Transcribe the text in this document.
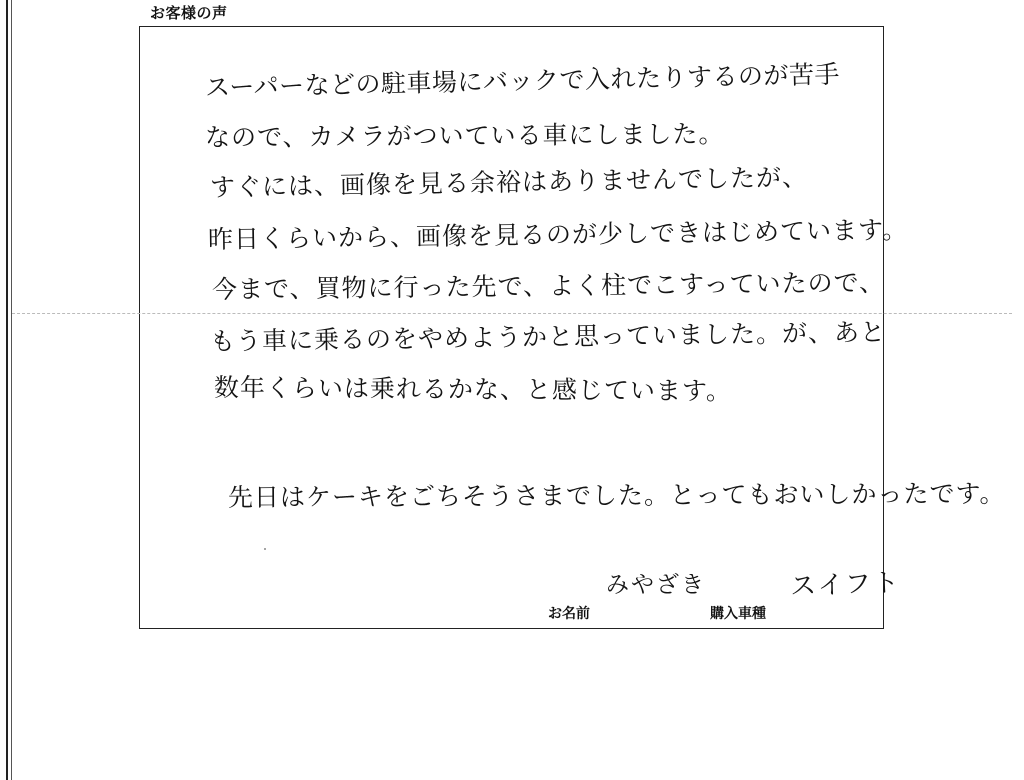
お客様の声
スーパーなどの駐車場にバックで入れたりするのが苦手
なので、カメラがついている車にしました。
すぐには、画像を見る余裕はありませんでしたが、
昨日くらいから、画像を見るのが少しできはじめています。
今まで、買物に行った先で、よく柱でこすっていたので、
もう車に乗るのをやめようかと思っていました。が、あと
数年くらいは乗れるかな、と感じています。
先日はケーキをごちそうさまでした。とってもおいしかったです。
みやざき	スイフト
お名前	購入車種
